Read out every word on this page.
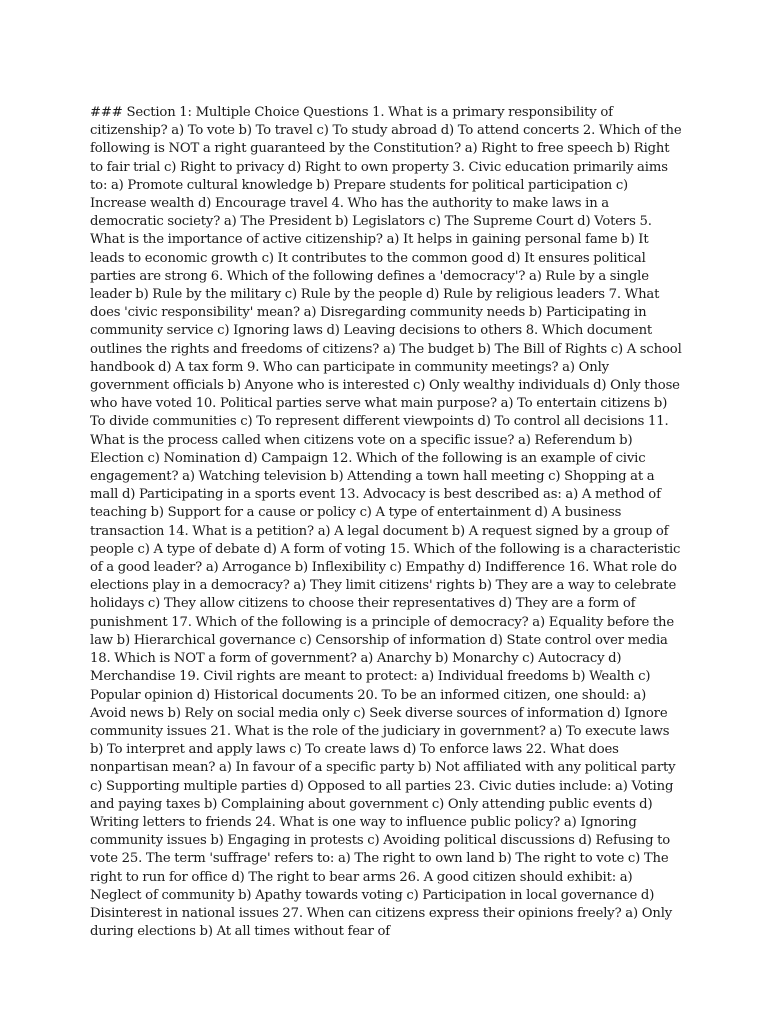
### Section 1: Multiple Choice Questions 1. What is a primary responsibility of citizenship? a) To vote b) To travel c) To study abroad d) To attend concerts 2. Which of the following is NOT a right guaranteed by the Constitution? a) Right to free speech b) Right to fair trial c) Right to privacy d) Right to own property 3. Civic education primarily aims to: a) Promote cultural knowledge b) Prepare students for political participation c) Increase wealth d) Encourage travel 4. Who has the authority to make laws in a democratic society? a) The President b) Legislators c) The Supreme Court d) Voters 5. What is the importance of active citizenship? a) It helps in gaining personal fame b) It leads to economic growth c) It contributes to the common good d) It ensures political parties are strong 6. Which of the following defines a 'democracy'? a) Rule by a single leader b) Rule by the military c) Rule by the people d) Rule by religious leaders 7. What does 'civic responsibility' mean? a) Disregarding community needs b) Participating in community service c) Ignoring laws d) Leaving decisions to others 8. Which document outlines the rights and freedoms of citizens? a) The budget b) The Bill of Rights c) A school handbook d) A tax form 9. Who can participate in community meetings? a) Only government officials b) Anyone who is interested c) Only wealthy individuals d) Only those who have voted 10. Political parties serve what main purpose? a) To entertain citizens b) To divide communities c) To represent different viewpoints d) To control all decisions 11. What is the process called when citizens vote on a specific issue? a) Referendum b) Election c) Nomination d) Campaign 12. Which of the following is an example of civic engagement? a) Watching television b) Attending a town hall meeting c) Shopping at a mall d) Participating in a sports event 13. Advocacy is best described as: a) A method of teaching b) Support for a cause or policy c) A type of entertainment d) A business transaction 14. What is a petition? a) A legal document b) A request signed by a group of people c) A type of debate d) A form of voting 15. Which of the following is a characteristic of a good leader? a) Arrogance b) Inflexibility c) Empathy d) Indifference 16. What role do elections play in a democracy? a) They limit citizens' rights b) They are a way to celebrate holidays c) They allow citizens to choose their representatives d) They are a form of punishment 17. Which of the following is a principle of democracy? a) Equality before the law b) Hierarchical governance c) Censorship of information d) State control over media 18. Which is NOT a form of government? a) Anarchy b) Monarchy c) Autocracy d) Merchandise 19. Civil rights are meant to protect: a) Individual freedoms b) Wealth c) Popular opinion d) Historical documents 20. To be an informed citizen, one should: a) Avoid news b) Rely on social media only c) Seek diverse sources of information d) Ignore community issues 21. What is the role of the judiciary in government? a) To execute laws b) To interpret and apply laws c) To create laws d) To enforce laws 22. What does nonpartisan mean? a) In favour of a specific party b) Not affiliated with any political party c) Supporting multiple parties d) Opposed to all parties 23. Civic duties include: a) Voting and paying taxes b) Complaining about government c) Only attending public events d) Writing letters to friends 24. What is one way to influence public policy? a) Ignoring community issues b) Engaging in protests c) Avoiding political discussions d) Refusing to vote 25. The term 'suffrage' refers to: a) The right to own land b) The right to vote c) The right to run for office d) The right to bear arms 26. A good citizen should exhibit: a) Neglect of community b) Apathy towards voting c) Participation in local governance d) Disinterest in national issues 27. When can citizens express their opinions freely? a) Only during elections b) At all times without fear of
